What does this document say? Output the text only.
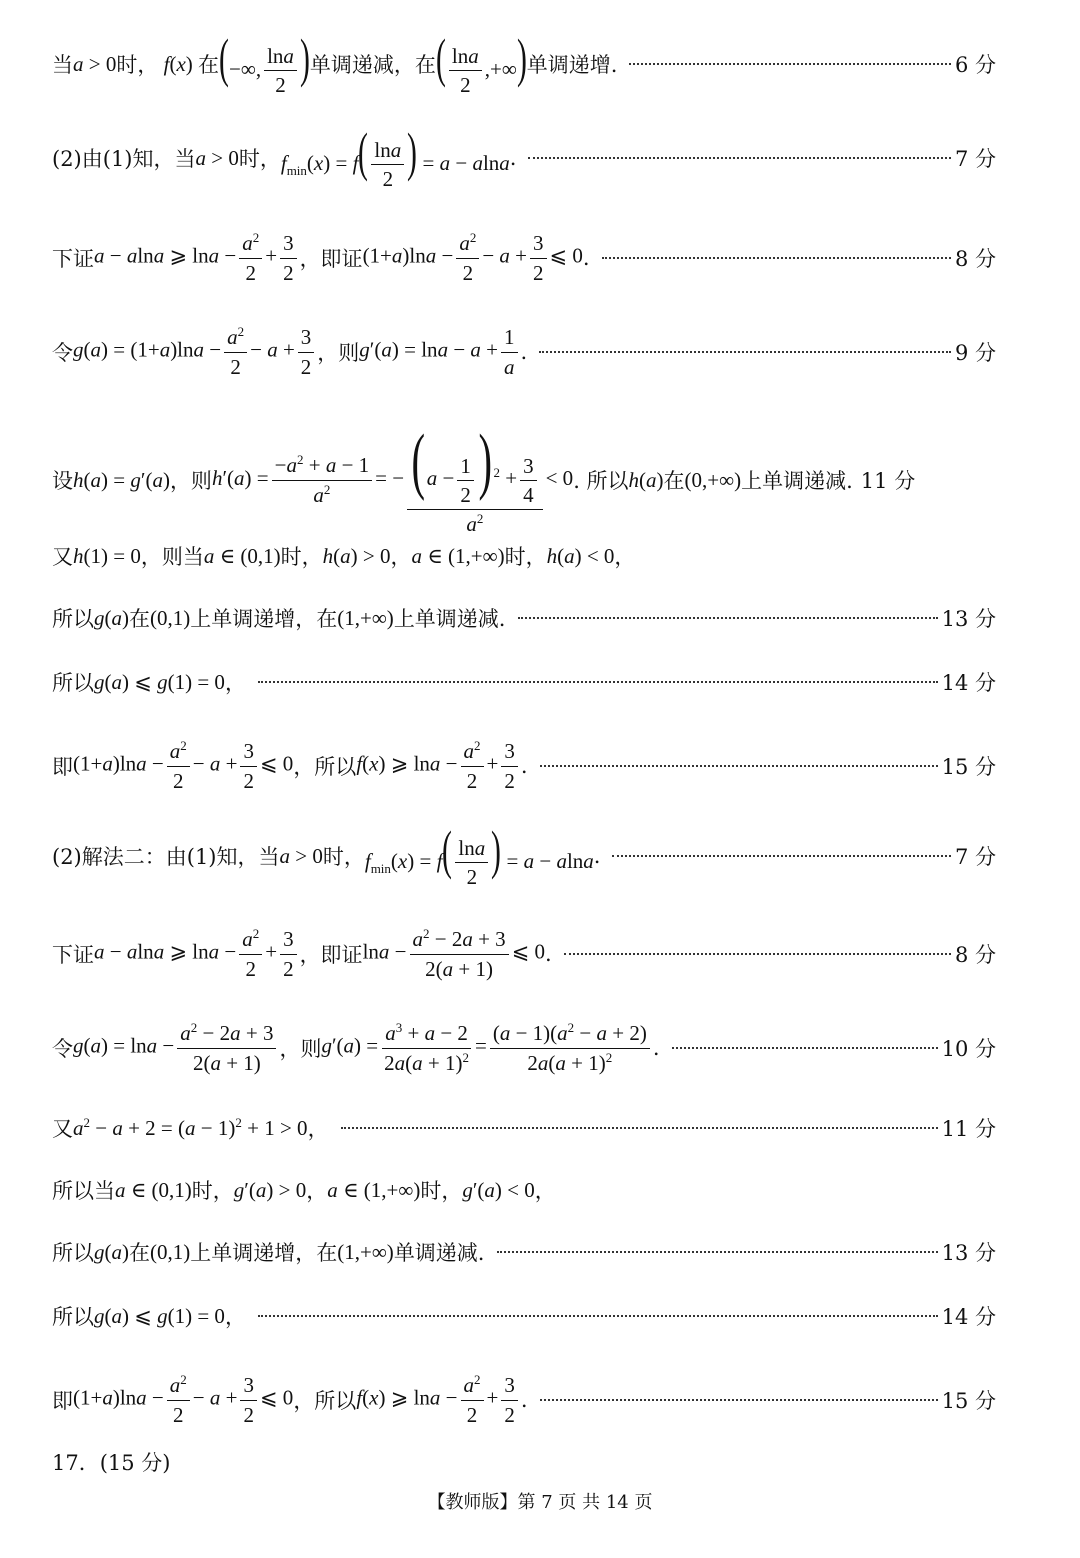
当 a > 0 时， f(x) 在 (−∞, $\frac{\ln a}{2}$ ) 单调递减，在 ( $\frac{\ln a}{2}$ ,+∞) 单调递增.	6 分
(2)由(1)知，当 a > 0 时， $f_{min}(x) = f( \frac{\ln a}{2}$ ) = a − alna .	7 分
下证 a − alna ⩾ $\ln a - \frac{a^2}{2} + \frac{3}{2}$ ，即证 $(1+a)\ln a - \frac{a^2}{2} - a + \frac{3}{2}$ ⩽ 0 .	8 分
令 $g(a) = (1+a)\ln a - \frac{a^2}{2} - a + \frac{3}{2}$ ，则 $g'(a) = \ln a - a + \frac{1}{a}$ .	9 分
设 h(a) = g′(a) ，则 $h'(a) = \frac{-a^2 + a - 1}{a^2}$ = − $\frac{(a - \frac{1}{2} ) ^2 + \frac{3}{4}}{a^2} < 0$ . 所以 h(a) 在 (0,+∞) 上单调递减. 11 分
又 h(1) = 0 ，则当 a ∈ (0,1) 时， h(a) > 0 ， a ∈ (1,+∞) 时， h(a) < 0 ，
所以 g(a) 在 (0,1) 上单调递增，在 (1,+∞) 上单调递减.	13 分
所以 g(a) ⩽ g(1) = 0 ，	14 分
即 $(1+a)\ln a - \frac{a^2}{2} - a + \frac{3}{2}$ ⩽ 0 ，所以 f(x) ⩾ $\ln a - \frac{a^2}{2} + \frac{3}{2}$ .	15 分
(2)解法二：由(1)知，当 a > 0 时， $f_{min}(x) = f( \frac{\ln a}{2}$ ) = a − alna .	7 分
下证 a − alna ⩾ $\ln a - \frac{a^2}{2} + \frac{3}{2}$ ，即证 $\ln a - \frac{a^2 - 2a + 3}{2(a + 1)}$ ⩽ 0 .	8 分
令 $g(a) = \ln a - \frac{a^2 - 2a + 3}{2(a + 1)}$ ，则 $g'(a) = \frac{a^3 + a - 2}{2a(a + 1)^2} = \frac{(a - 1)(a^2 - a + 2)}{2a(a + 1)^2}$ .	10 分
又 $a^2 - a + 2 = (a - 1)^2 + 1 > 0$ ，	11 分
所以当 a ∈ (0,1) 时， g′(a) > 0 ， a ∈ (1,+∞) 时， g′(a) < 0 ，
所以 g(a) 在 (0,1) 上单调递增，在 (1,+∞) 单调递减.	13 分
所以 g(a) ⩽ g(1) = 0 ，	14 分
即 $(1+a)\ln a - \frac{a^2}{2} - a + \frac{3}{2}$ ⩽ 0 ，所以 f(x) ⩾ $\ln a - \frac{a^2}{2} + \frac{3}{2}$ .	15 分
17．(15 分)
【教师版】第 7 页 共 14 页
